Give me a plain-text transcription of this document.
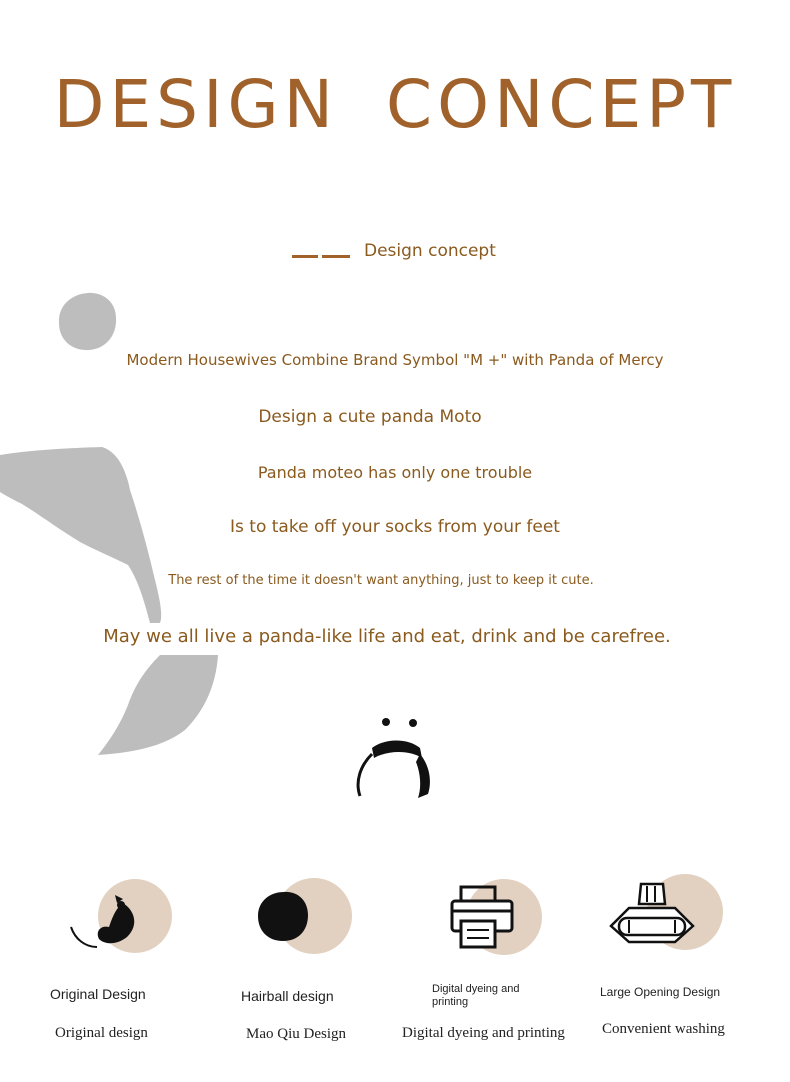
DESIGN CONCEPT
Design concept
Modern Housewives Combine Brand Symbol "M +" with Panda of Mercy
Design a cute panda Moto
Panda moteo has only one trouble
Is to take off your socks from your feet
The rest of the time it doesn't want anything, just to keep it cute.
May we all live a panda-like life and eat, drink and be carefree.
Original Design
Original design
Hairball design
Mao Qiu Design
Digital dyeing and printing
Digital dyeing and printing
Large Opening Design
Convenient washing
